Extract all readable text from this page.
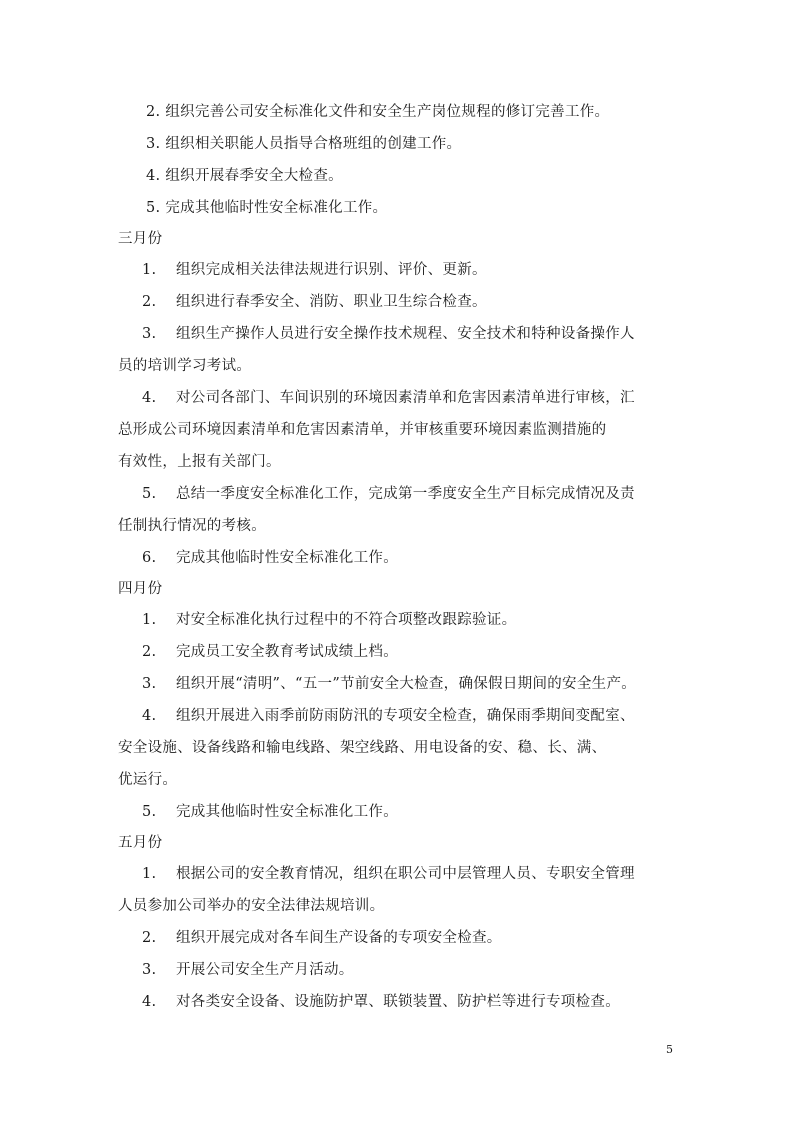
2. 组织完善公司安全标准化文件和安全生产岗位规程的修订完善工作。
3. 组织相关职能人员指导合格班组的创建工作。
4. 组织开展春季安全大检查。
5. 完成其他临时性安全标准化工作。
三月份
1. 组织完成相关法律法规进行识别、评价、更新。
2. 组织进行春季安全、消防、职业卫生综合检查。
3. 组织生产操作人员进行安全操作技术规程、安全技术和特种设备操作人
员的培训学习考试。
4. 对公司各部门、车间识别的环境因素清单和危害因素清单进行审核，汇
总形成公司环境因素清单和危害因素清单，并审核重要环境因素监测措施的
有效性，上报有关部门。
5. 总结一季度安全标准化工作，完成第一季度安全生产目标完成情况及责
任制执行情况的考核。
6. 完成其他临时性安全标准化工作。
四月份
1. 对安全标准化执行过程中的不符合项整改跟踪验证。
2. 完成员工安全教育考试成绩上档。
3. 组织开展“清明”、“五一”节前安全大检查，确保假日期间的安全生产。
4. 组织开展进入雨季前防雨防汛的专项安全检查，确保雨季期间变配室、
安全设施、设备线路和输电线路、架空线路、用电设备的安、稳、长、满、
优运行。
5. 完成其他临时性安全标准化工作。
五月份
1. 根据公司的安全教育情况，组织在职公司中层管理人员、专职安全管理
人员参加公司举办的安全法律法规培训。
2. 组织开展完成对各车间生产设备的专项安全检查。
3. 开展公司安全生产月活动。
4. 对各类安全设备、设施防护罩、联锁装置、防护栏等进行专项检查。
5
